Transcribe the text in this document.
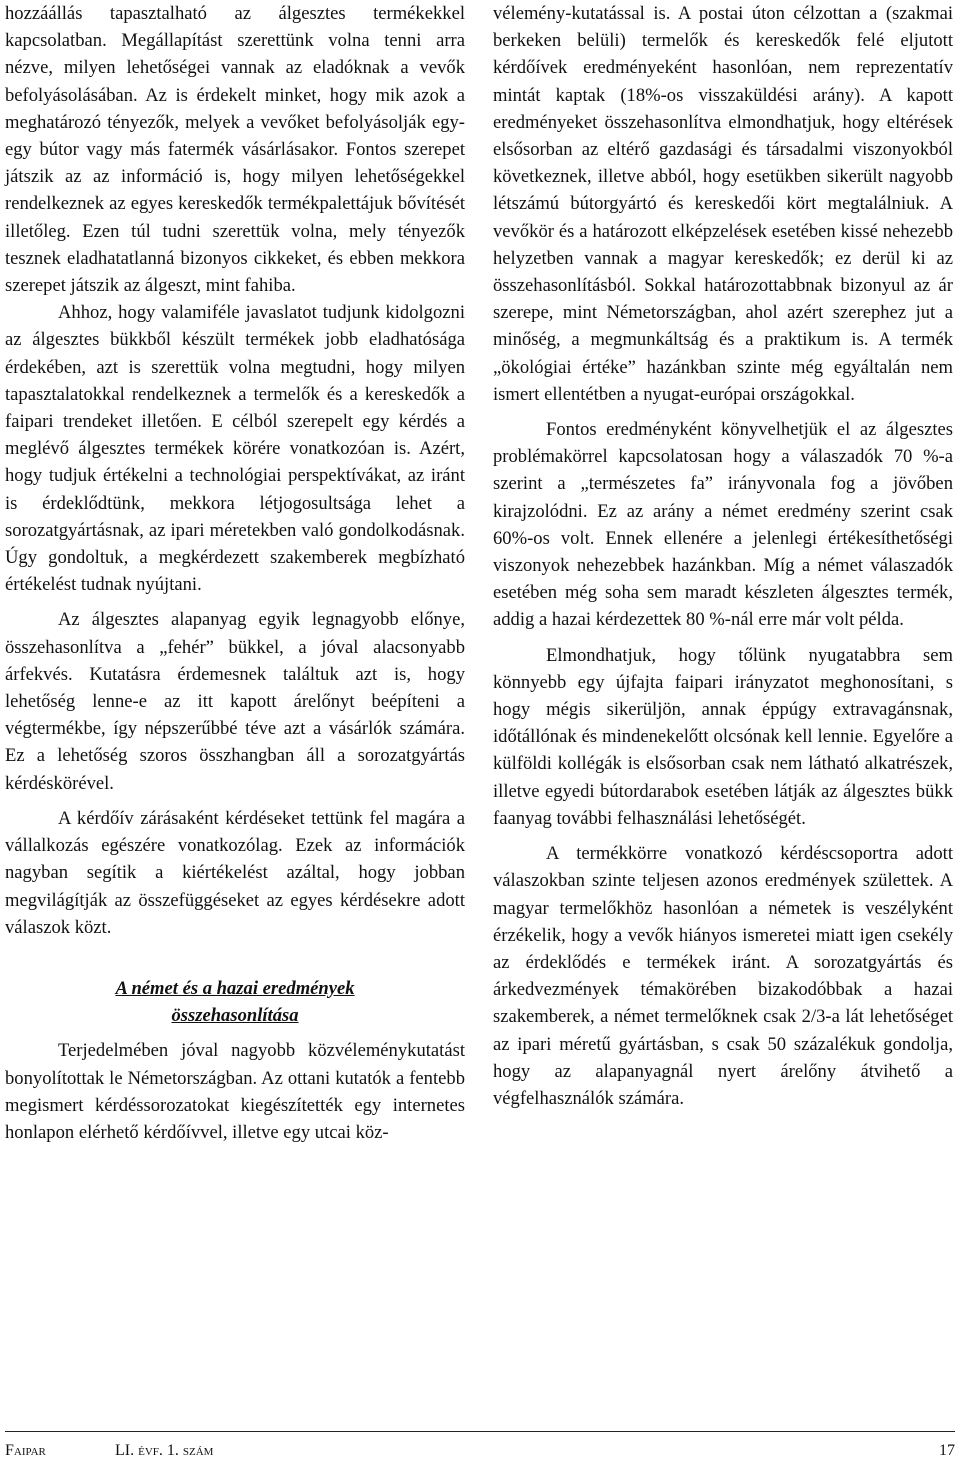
hozzáállás tapasztalható az álgesztes termékekkel kapcsolatban. Megállapítást szerettünk volna tenni arra nézve, milyen lehetőségei vannak az eladóknak a vevők befolyásolásában. Az is érdekelt minket, hogy mik azok a meghatározó tényezők, melyek a vevőket befolyásolják egy-egy bútor vagy más fatermék vásárlásakor. Fontos szerepet játszik az az információ is, hogy milyen lehetőségekkel rendelkeznek az egyes kereskedők termékpalettájuk bővítését illetőleg. Ezen túl tudni szerettük volna, mely tényezők tesznek eladhatatlanná bizonyos cikkeket, és ebben mekkora szerepet játszik az álgeszt, mint fahiba.

Ahhoz, hogy valamiféle javaslatot tudjunk kidolgozni az álgesztes bükkből készült termékek jobb eladhatósága érdekében, azt is szerettük volna megtudni, hogy milyen tapasztalatokkal rendelkeznek a termelők és a kereskedők a faipari trendeket illetően. E célból szerepelt egy kérdés a meglévő álgesztes termékek körére vonatkozóan is. Azért, hogy tudjuk értékelni a technológiai perspektívákat, az iránt is érdeklődtünk, mekkora létjogosultsága lehet a sorozatgyártásnak, az ipari méretekben való gondolkodásnak. Úgy gondoltuk, a megkérdezett szakemberek megbízható értékelést tudnak nyújtani.

Az álgesztes alapanyag egyik legnagyobb előnye, összehasonlítva a „fehér” bükkel, a jóval alacsonyabb árfekvés. Kutatásra érdemesnek találtuk azt is, hogy lehetőség lenne-e az itt kapott árelőnyt beépíteni a végtermékbe, így népszerűbbé téve azt a vásárlók számára. Ez a lehetőség szoros összhangban áll a sorozatgyártás kérdéskörével.

A kérdőív zárásaként kérdéseket tettünk fel magára a vállalkozás egészére vonatkozólag. Ezek az információk nagyban segítik a kiértékelést azáltal, hogy jobban megvilágítják az összefüggéseket az egyes kérdésekre adott válaszok közt.

A német és a hazai eredmények
összehasonlítása

Terjedelmében jóval nagyobb közvéleménykutatást bonyolítottak le Németországban. Az ottani kutatók a fentebb megismert kérdéssorozatokat kiegészítették egy internetes honlapon elérhető kérdőívvel, illetve egy utcai köz-

vélemény-kutatással is. A postai úton célzottan a (szakmai berkeken belüli) termelők és kereskedők felé eljutott kérdőívek eredményeként hasonlóan, nem reprezentatív mintát kaptak (18%-os visszaküldési arány). A kapott eredményeket összehasonlítva elmondhatjuk, hogy eltérések elsősorban az eltérő gazdasági és társadalmi viszonyokból következnek, illetve abból, hogy esetükben sikerült nagyobb létszámú bútorgyártó és kereskedői kört megtalálniuk. A vevőkör és a határozott elképzelések esetében kissé nehezebb helyzetben vannak a magyar kereskedők; ez derül ki az összehasonlításból. Sokkal határozottabbnak bizonyul az ár szerepe, mint Németországban, ahol azért szerephez jut a minőség, a megmunkáltság és a praktikum is. A termék „ökológiai értéke” hazánkban szinte még egyáltalán nem ismert ellentétben a nyugat-európai országokkal.

Fontos eredményként könyvelhetjük el az álgesztes problémakörrel kapcsolatosan hogy a válaszadók 70 %-a szerint a „természetes fa” irányvonala fog a jövőben kirajzolódni. Ez az arány a német eredmény szerint csak 60%-os volt. Ennek ellenére a jelenlegi értékesíthetőségi viszonyok nehezebbek hazánkban. Míg a német válaszadók esetében még soha sem maradt készleten álgesztes termék, addig a hazai kérdezettek 80 %-nál erre már volt példa.

Elmondhatjuk, hogy tőlünk nyugatabbra sem könnyebb egy újfajta faipari irányzatot meghonosítani, s hogy mégis sikerüljön, annak éppúgy extravagánsnak, időtállónak és mindenekelőtt olcsónak kell lennie. Egyelőre a külföldi kollégák is elsősorban csak nem látható alkatrészek, illetve egyedi bútordarabok esetében látják az álgesztes bükk faanyag további felhasználási lehetőségét.

A termékkörre vonatkozó kérdéscsoportra adott válaszokban szinte teljesen azonos eredmények születtek. A magyar termelőkhöz hasonlóan a németek is veszélyként érzékelik, hogy a vevők hiányos ismeretei miatt igen csekély az érdeklődés e termékek iránt. A sorozatgyártás és árkedvezmények témakörében bizakodóbbak a hazai szakemberek, a német termelőknek csak 2/3-a lát lehetőséget az ipari méretű gyártásban, s csak 50 százalékuk gondolja, hogy az alapanyagnál nyert árelőny átvihető a végfelhasználók számára.

Faipar	LI. évf. 1. szám	17
